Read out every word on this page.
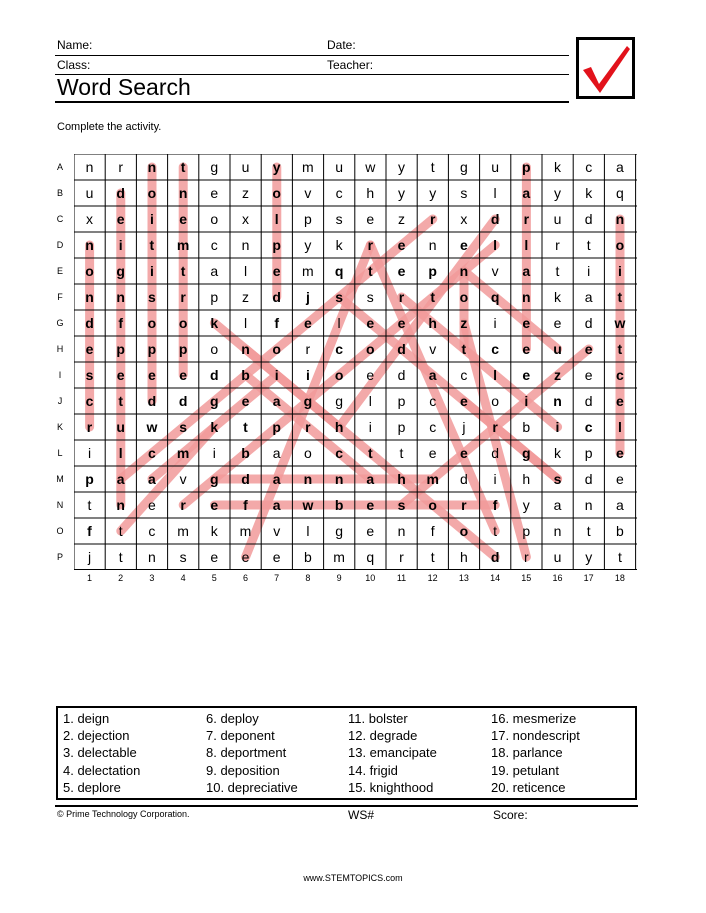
Name:	Date:
Class:	Teacher:
Word Search
Complete the activity.
A
B
C
D
E
F
G
H
I
J
K
L
M
N
O
P
1	2	3	4	5	6	7	8	9	10	11	12	13	14	15	16	17	18
n	r	n	t	g	u	y	m	u	w	y	t	g	u	p	k	c	a
u	d	o	n	e	z	o	v	c	h	y	y	s	l	a	y	k	q
x	e	i	e	o	x	l	p	s	e	z	r	x	d	r	u	d	n
n	i	t	m	c	n	p	y	k	r	e	n	e	l	l	r	t	o
o	g	i	t	a	l	e	m	q	t	e	p	n	v	a	t	i	i
n	n	s	r	p	z	d	j	s	s	r	t	o	q	n	k	a	t
d	f	o	o	k	l	f	e	l	e	e	h	z	i	e	e	d	w
e	p	p	p	o	n	o	r	c	o	d	v	t	c	e	u	e	t
s	e	e	e	d	b	i	i	o	e	d	a	c	l	e	z	e	c
c	t	d	d	g	e	a	g	g	l	p	c	e	o	i	n	d	e
r	u	w	s	k	t	p	r	h	i	p	c	j	r	b	i	c	l
i	l	c	m	i	b	a	o	c	t	t	e	e	d	g	k	p	e
p	a	a	v	g	d	a	n	n	a	h	m	d	i	h	s	d	e
t	n	e	r	e	f	a	w	b	e	s	o	r	f	y	a	n	a
f	t	c	m	k	m	v	l	g	e	n	f	o	t	p	n	t	b
j	t	n	s	e	e	e	b	m	q	r	t	h	d	r	u	y	t
1. deign
2. dejection
3. delectable
4. delectation
5. deplore
6. deploy
7. deponent
8. deportment
9. deposition
10. depreciative
11. bolster
12. degrade
13. emancipate
14. frigid
15. knighthood
16. mesmerize
17. nondescript
18. parlance
19. petulant
20. reticence
© Prime Technology Corporation.	WS#	Score:
www.STEMTOPICS.com
